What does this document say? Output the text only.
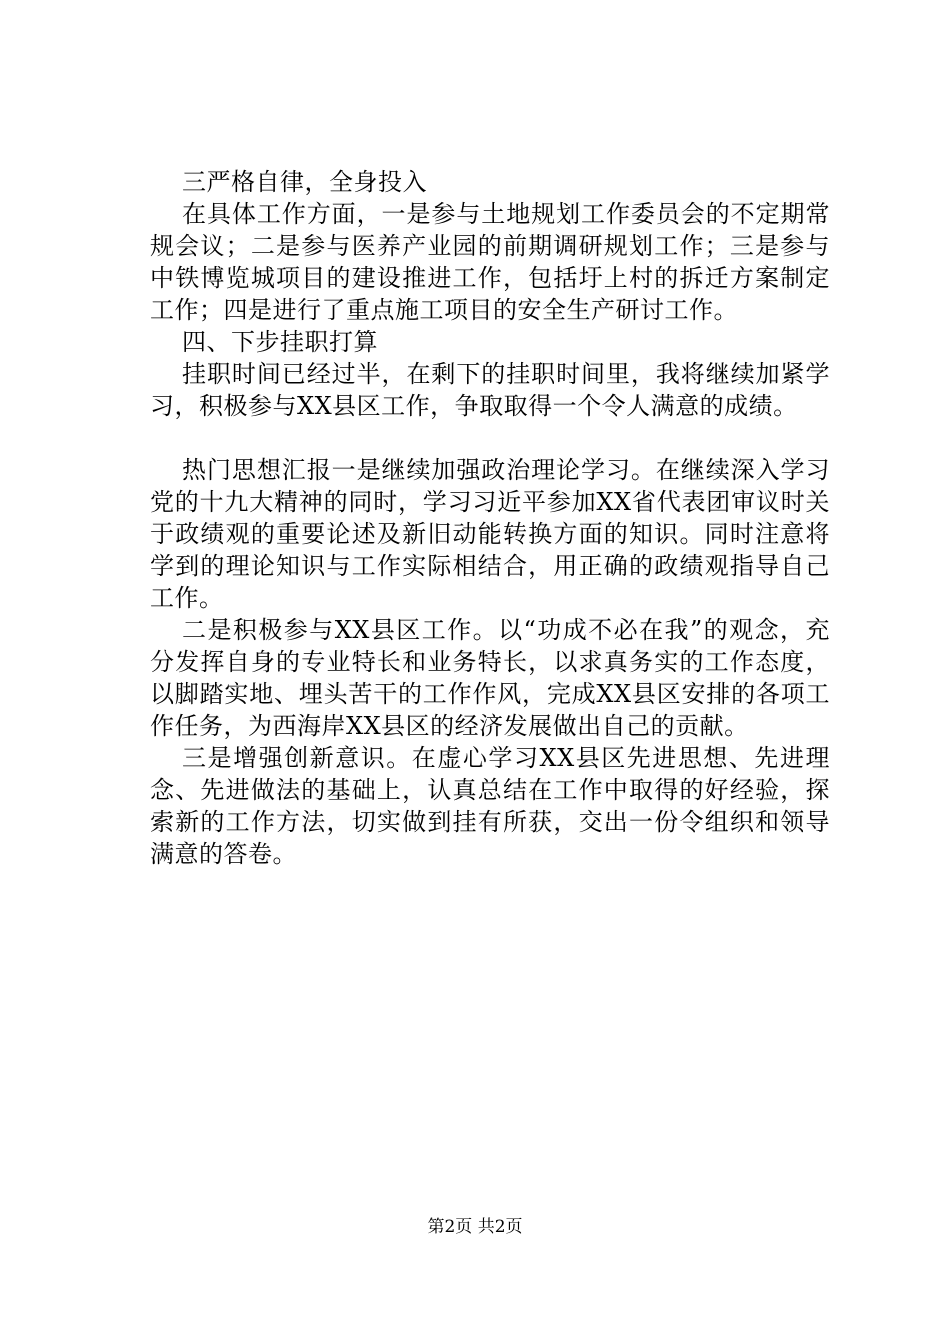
三严格自律，全身投入

在具体工作方面，一是参与土地规划工作委员会的不定期常规会议；二是参与医养产业园的前期调研规划工作；三是参与中铁博览城项目的建设推进工作，包括圩上村的拆迁方案制定工作；四是进行了重点施工项目的安全生产研讨工作。

四、下步挂职打算

挂职时间已经过半，在剩下的挂职时间里，我将继续加紧学习，积极参与XX县区工作，争取取得一个令人满意的成绩。

热门思想汇报一是继续加强政治理论学习。在继续深入学习党的十九大精神的同时，学习习近平参加XX省代表团审议时关于政绩观的重要论述及新旧动能转换方面的知识。同时注意将学到的理论知识与工作实际相结合，用正确的政绩观指导自己工作。

二是积极参与XX县区工作。以“功成不必在我”的观念，充分发挥自身的专业特长和业务特长，以求真务实的工作态度，以脚踏实地、埋头苦干的工作作风，完成XX县区安排的各项工作任务，为西海岸XX县区的经济发展做出自己的贡献。

三是增强创新意识。在虚心学习XX县区先进思想、先进理念、先进做法的基础上，认真总结在工作中取得的好经验，探索新的工作方法，切实做到挂有所获，交出一份令组织和领导满意的答卷。

第2页 共2页
